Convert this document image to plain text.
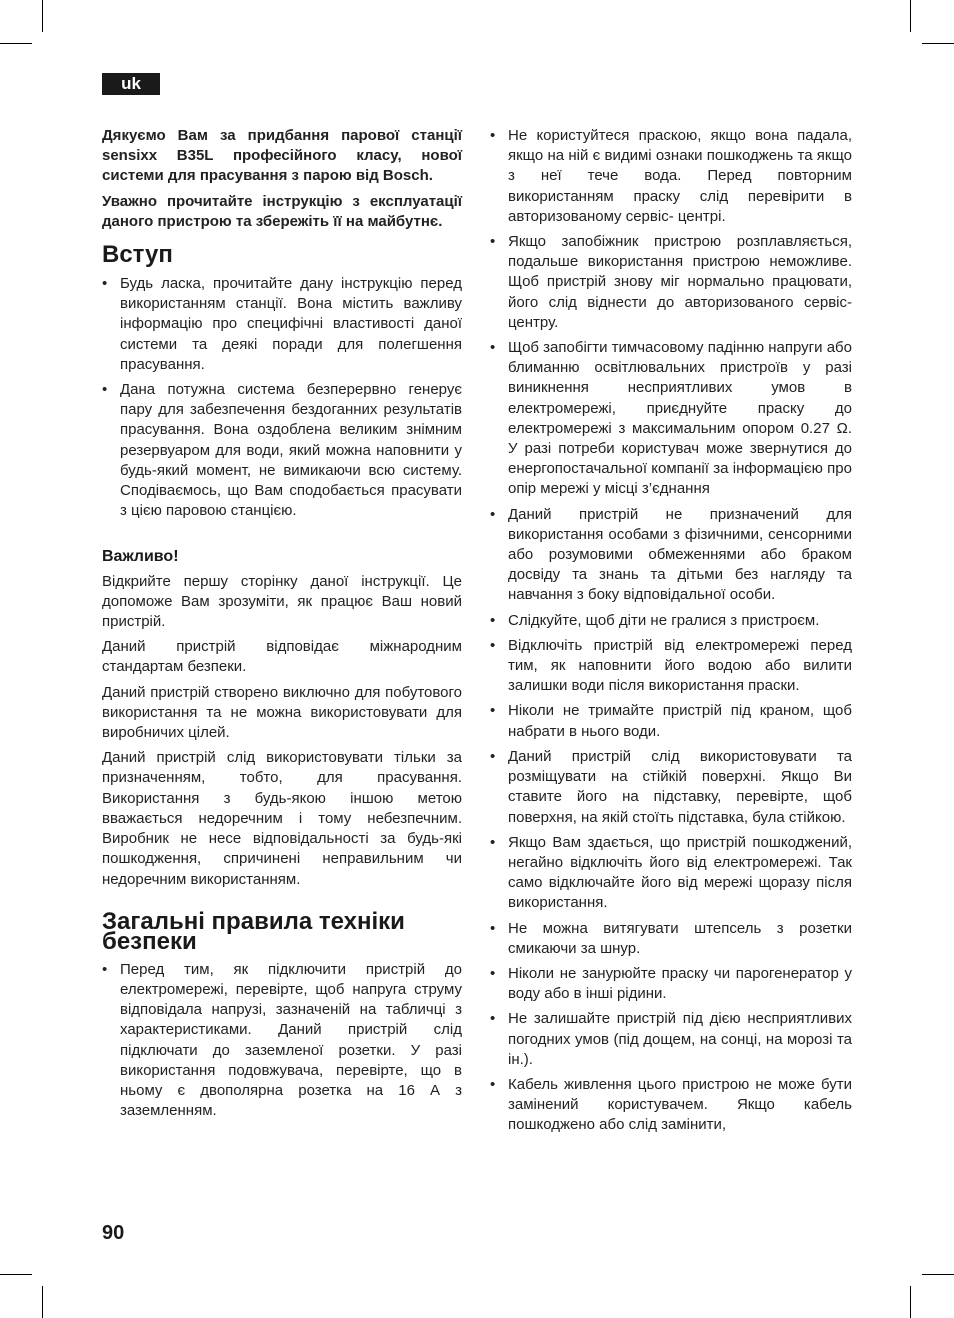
uk

Дякуємо Вам за придбання парової станції sensixx B35L професійного класу, нової системи для прасування з парою від Bosch.

Уважно прочитайте інструкцію з експлуатації даного пристрою та збережіть її на майбутнє.

Вступ
• Будь ласка, прочитайте дану інструкцію перед використанням станції. Вона містить важливу інформацію про специфічні властивості даної системи та деякі поради для полегшення прасування.
• Дана потужна система безперервно генерує пару для забезпечення бездоганних результатів прасування. Вона оздоблена великим знімним резервуаром для води, який можна наповнити у будь-який момент, не вимикаючи всю систему. Сподіваємось, що Вам сподобається прасувати з цією паровою станцією.
Важливо!

Відкрийте першу сторінку даної інструкції. Це допоможе Вам зрозуміти, як працює Ваш новий пристрій.

Даний пристрій відповідає міжнародним стандартам безпеки.

Даний пристрій створено виключно для побутового використання та не можна використовувати для виробничих цілей.

Даний пристрій слід використовувати тільки за призначенням, тобто, для прасування. Використання з будь-якою іншою метою вважається недоречним і тому небезпечним. Виробник не несе відповідальності за будь-які пошкодження, спричинені неправильним чи недоречним використанням.

Загальні правила техніки безпеки
• Перед тим, як підключити пристрій до електромережі, перевірте, щоб напруга струму відповідала напрузі, зазначеній на табличці з характеристиками. Даний пристрій слід підключати до заземленої розетки. У разі використання подовжувача, перевірте, що в ньому є двополярна розетка на 16 А з заземленням.
• Не користуйтеся праскою, якщо вона падала, якщо на ній є видимі ознаки пошкоджень та якщо з неї тече вода. Перед повторним використанням праску слід перевірити в авторизованому сервіс- центрі.
• Якщо запобіжник пристрою розплавляється, подальше використання пристрою неможливе. Щоб пристрій знову міг нормально працювати, його слід віднести до авторизованого сервіс- центру.
• Щоб запобігти тимчасовому падінню напруги або блиманню освітлювальних пристроїв у разі виникнення несприятливих умов в електромережі, приєднуйте праску до електромережі з максимальним опором 0.27 Ω. У разі потреби користувач може звернутися до енергопостачальної компанії за інформацією про опір мережі у місці з’єднання
• Даний пристрій не призначений для використання особами з фізичними, сенсорними або розумовими обмеженнями або браком досвіду та знань та дітьми без нагляду та навчання з боку відповідальної особи.
• Слідкуйте, щоб діти не гралися з пристроєм.
• Відключіть пристрій від електромережі перед тим, як наповнити його водою або вилити залишки води після використання праски.
• Ніколи не тримайте пристрій під краном, щоб набрати в нього води.
• Даний пристрій слід використовувати та розміщувати на стійкій поверхні. Якщо Ви ставите його на підставку, перевірте, щоб поверхня, на якій стоїть підставка, була стійкою.
• Якщо Вам здається, що пристрій пошкоджений, негайно відключіть його від електромережі. Так само відключайте його від мережі щоразу після використання.
• Не можна витягувати штепсель з розетки смикаючи за шнур.
• Ніколи не занурюйте праску чи парогенератор у воду або в інші рідини.
• Не залишайте пристрій під дією несприятливих погодних умов (під дощем, на сонці, на морозі та ін.).
• Кабель живлення цього пристрою не може бути замінений користувачем. Якщо кабель пошкоджено або слід замінити,
90
